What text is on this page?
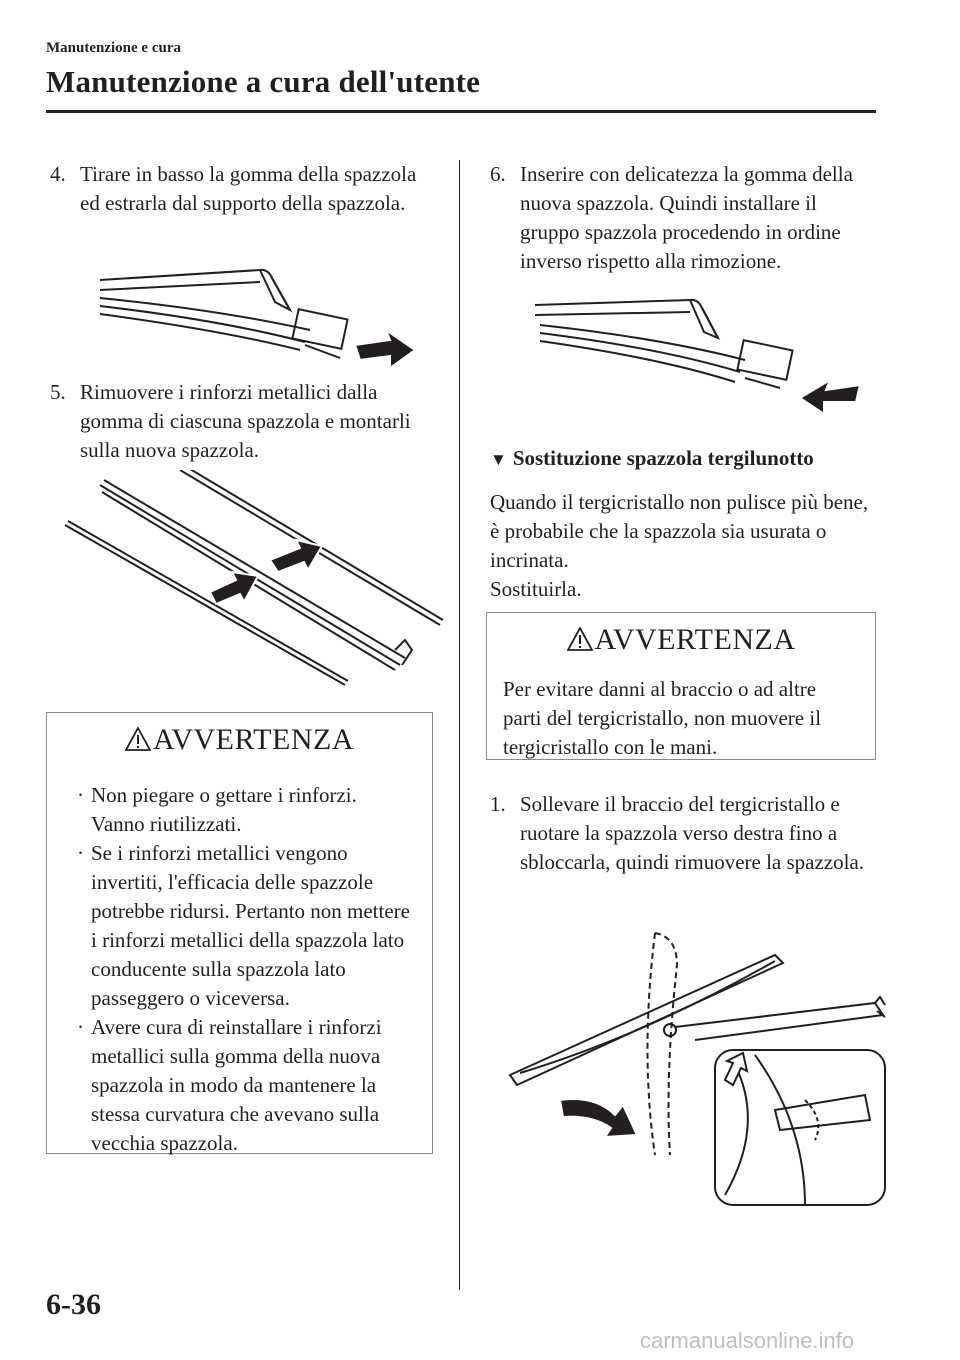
Manutenzione e cura
Manutenzione a cura dell'utente
4. Tirare in basso la gomma della spazzola ed estrarla dal supporto della spazzola.
5. Rimuovere i rinforzi metallici dalla gomma di ciascuna spazzola e montarli sulla nuova spazzola.
AVVERTENZA
· Non piegare o gettare i rinforzi. Vanno riutilizzati.
· Se i rinforzi metallici vengono invertiti, l'efficacia delle spazzole potrebbe ridursi. Pertanto non mettere i rinforzi metallici della spazzola lato conducente sulla spazzola lato passeggero o viceversa.
· Avere cura di reinstallare i rinforzi metallici sulla gomma della nuova spazzola in modo da mantenere la stessa curvatura che avevano sulla vecchia spazzola.
6. Inserire con delicatezza la gomma della nuova spazzola. Quindi installare il gruppo spazzola procedendo in ordine inverso rispetto alla rimozione.
▼ Sostituzione spazzola tergilunotto
Quando il tergicristallo non pulisce più bene, è probabile che la spazzola sia usurata o incrinata.
Sostituirla.
AVVERTENZA
Per evitare danni al braccio o ad altre parti del tergicristallo, non muovere il tergicristallo con le mani.
1. Sollevare il braccio del tergicristallo e ruotare la spazzola verso destra fino a sbloccarla, quindi rimuovere la spazzola.
6-36
carmanualsonline.info
